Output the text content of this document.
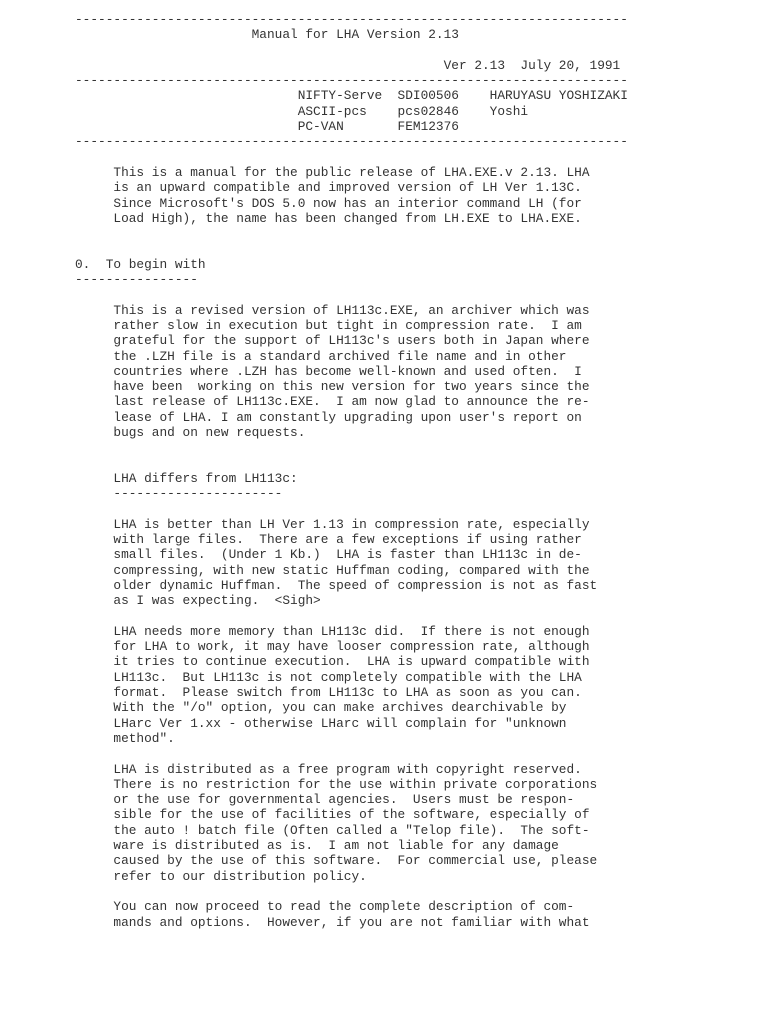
------------------------------------------------------------------------
Manual for LHA Version 2.13
Ver 2.13  July 20, 1991
------------------------------------------------------------------------
NIFTY-Serve  SDI00506    HARUYASU YOSHIZAKI
ASCII-pcs    pcs02846    Yoshi
PC-VAN       FEM12376
------------------------------------------------------------------------
This is a manual for the public release of LHA.EXE.v 2.13. LHA
is an upward compatible and improved version of LH Ver 1.13C.
Since Microsoft's DOS 5.0 now has an interior command LH (for
Load High), the name has been changed from LH.EXE to LHA.EXE.
0.  To begin with
----------------
This is a revised version of LH113c.EXE, an archiver which was
rather slow in execution but tight in compression rate.  I am
grateful for the support of LH113c's users both in Japan where
the .LZH file is a standard archived file name and in other
countries where .LZH has become well-known and used often.  I
have been  working on this new version for two years since the
last release of LH113c.EXE.  I am now glad to announce the re-
lease of LHA. I am constantly upgrading upon user's report on
bugs and on new requests.
LHA differs from LH113c:
----------------------
LHA is better than LH Ver 1.13 in compression rate, especially
with large files.  There are a few exceptions if using rather
small files.  (Under 1 Kb.)  LHA is faster than LH113c in de-
compressing, with new static Huffman coding, compared with the
older dynamic Huffman.  The speed of compression is not as fast
as I was expecting.  <Sigh>
LHA needs more memory than LH113c did.  If there is not enough
for LHA to work, it may have looser compression rate, although
it tries to continue execution.  LHA is upward compatible with
LH113c.  But LH113c is not completely compatible with the LHA
format.  Please switch from LH113c to LHA as soon as you can.
With the "/o" option, you can make archives dearchivable by
LHarc Ver 1.xx - otherwise LHarc will complain for "unknown
method".
LHA is distributed as a free program with copyright reserved.
There is no restriction for the use within private corporations
or the use for governmental agencies.  Users must be respon-
sible for the use of facilities of the software, especially of
the auto ! batch file (Often called a "Telop file).  The soft-
ware is distributed as is.  I am not liable for any damage
caused by the use of this software.  For commercial use, please
refer to our distribution policy.
You can now proceed to read the complete description of com-
mands and options.  However, if you are not familiar with what
